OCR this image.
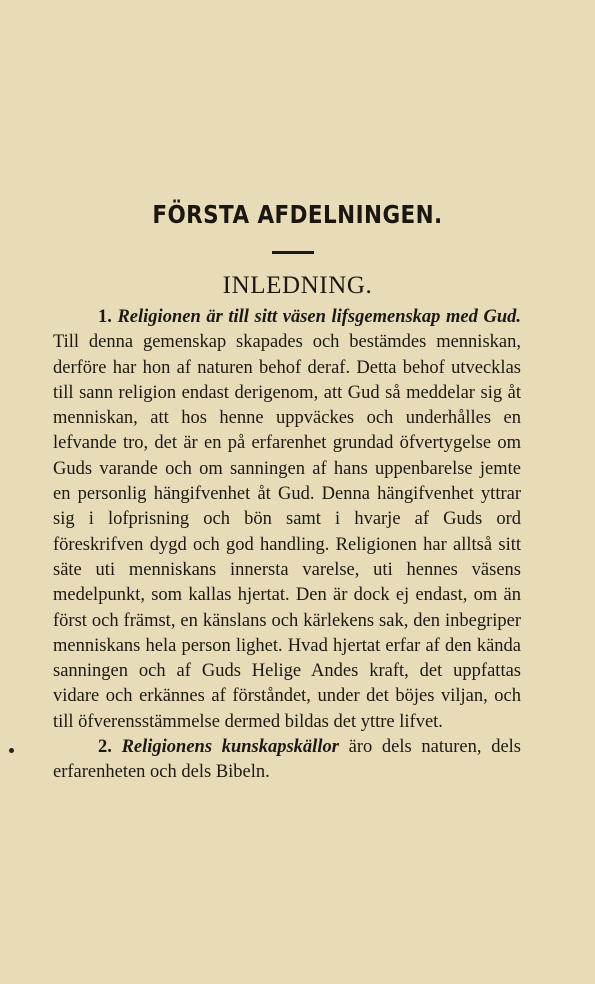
FÖRSTA AFDELNINGEN.
INLEDNING.

1. Religionen är till sitt väsen lifsgemenskap med Gud. Till denna gemenskap skapades och bestämdes menniskan, derföre har hon af naturen behof deraf. Detta behof utvecklas till sann religion endast derigenom, att Gud så meddelar sig åt menniskan, att hos henne uppväckes och underhålles en lefvande tro, det är en på erfarenhet grundad öfvertygelse om Guds varande och om sanningen af hans uppenbarelse jemte en personlig hängifvenhet åt Gud. Denna hängifvenhet yttrar sig i lofprisning och bön samt i hvarje af Guds ord föreskrifven dygd och god handling. Religionen har alltså sitt säte uti menniskans innersta varelse, uti hennes väsens medelpunkt, som kallas hjertat. Den är dock ej endast, om än först och främst, en känslans och kärlekens sak, den inbegriper menniskans hela person lighet. Hvad hjertat erfar af den kända sanningen och af Guds Helige Andes kraft, det uppfattas vidare och erkännes af förståndet, under det böjes viljan, och till öfverensstämmelse dermed bildas det yttre lifvet.

2. Religionens kunskapskällor äro dels naturen, dels erfarenheten och dels Bibeln.
